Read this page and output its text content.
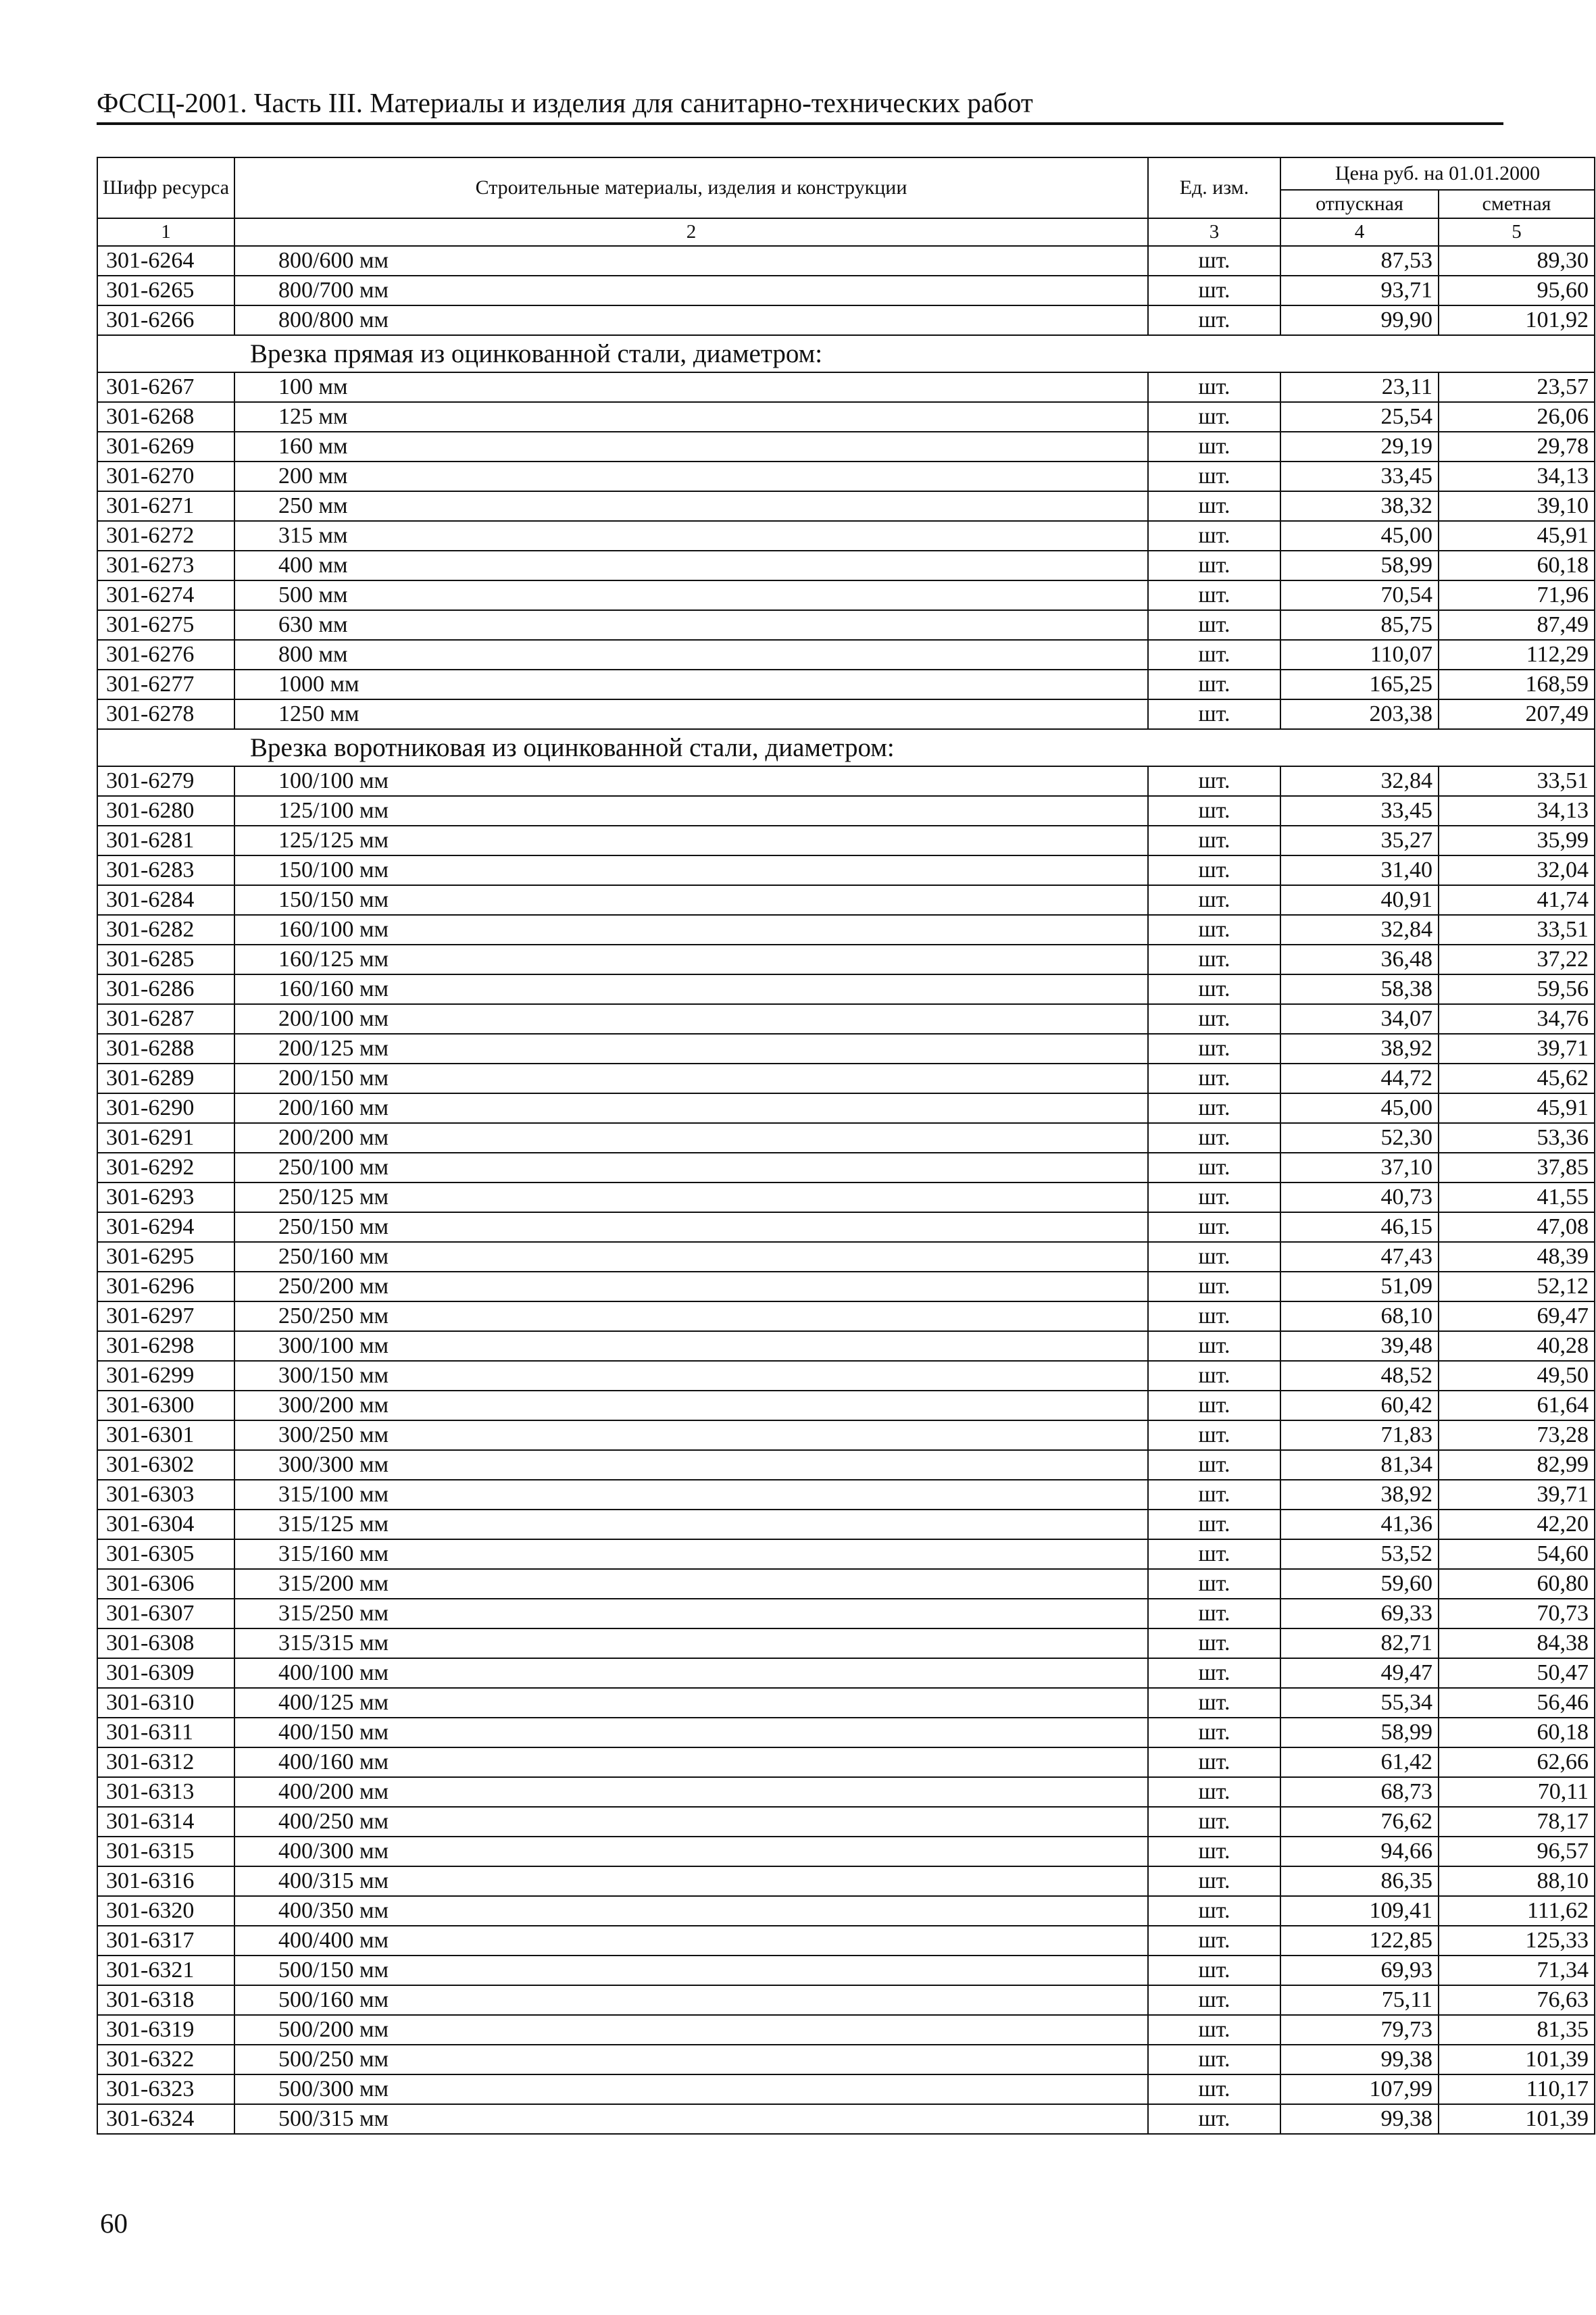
ФССЦ-2001. Часть III. Материалы и изделия для санитарно-технических работ
Шифр ресурса	Строительные материалы, изделия и конструкции	Ед. изм.	Цена руб. на 01.01.2000	
			отпускная	сметная
1	2	3	4	5
301-6264	800/600 мм	шт.	87,53	89,30
301-6265	800/700 мм	шт.	93,71	95,60
301-6266	800/800 мм	шт.	99,90	101,92
Врезка прямая из оцинкованной стали, диаметром:				
301-6267	100 мм	шт.	23,11	23,57
301-6268	125 мм	шт.	25,54	26,06
301-6269	160 мм	шт.	29,19	29,78
301-6270	200 мм	шт.	33,45	34,13
301-6271	250 мм	шт.	38,32	39,10
301-6272	315 мм	шт.	45,00	45,91
301-6273	400 мм	шт.	58,99	60,18
301-6274	500 мм	шт.	70,54	71,96
301-6275	630 мм	шт.	85,75	87,49
301-6276	800 мм	шт.	110,07	112,29
301-6277	1000 мм	шт.	165,25	168,59
301-6278	1250 мм	шт.	203,38	207,49
Врезка воротниковая из оцинкованной стали, диаметром:				
301-6279	100/100 мм	шт.	32,84	33,51
301-6280	125/100 мм	шт.	33,45	34,13
301-6281	125/125 мм	шт.	35,27	35,99
301-6283	150/100 мм	шт.	31,40	32,04
301-6284	150/150 мм	шт.	40,91	41,74
301-6282	160/100 мм	шт.	32,84	33,51
301-6285	160/125 мм	шт.	36,48	37,22
301-6286	160/160 мм	шт.	58,38	59,56
301-6287	200/100 мм	шт.	34,07	34,76
301-6288	200/125 мм	шт.	38,92	39,71
301-6289	200/150 мм	шт.	44,72	45,62
301-6290	200/160 мм	шт.	45,00	45,91
301-6291	200/200 мм	шт.	52,30	53,36
301-6292	250/100 мм	шт.	37,10	37,85
301-6293	250/125 мм	шт.	40,73	41,55
301-6294	250/150 мм	шт.	46,15	47,08
301-6295	250/160 мм	шт.	47,43	48,39
301-6296	250/200 мм	шт.	51,09	52,12
301-6297	250/250 мм	шт.	68,10	69,47
301-6298	300/100 мм	шт.	39,48	40,28
301-6299	300/150 мм	шт.	48,52	49,50
301-6300	300/200 мм	шт.	60,42	61,64
301-6301	300/250 мм	шт.	71,83	73,28
301-6302	300/300 мм	шт.	81,34	82,99
301-6303	315/100 мм	шт.	38,92	39,71
301-6304	315/125 мм	шт.	41,36	42,20
301-6305	315/160 мм	шт.	53,52	54,60
301-6306	315/200 мм	шт.	59,60	60,80
301-6307	315/250 мм	шт.	69,33	70,73
301-6308	315/315 мм	шт.	82,71	84,38
301-6309	400/100 мм	шт.	49,47	50,47
301-6310	400/125 мм	шт.	55,34	56,46
301-6311	400/150 мм	шт.	58,99	60,18
301-6312	400/160 мм	шт.	61,42	62,66
301-6313	400/200 мм	шт.	68,73	70,11
301-6314	400/250 мм	шт.	76,62	78,17
301-6315	400/300 мм	шт.	94,66	96,57
301-6316	400/315 мм	шт.	86,35	88,10
301-6320	400/350 мм	шт.	109,41	111,62
301-6317	400/400 мм	шт.	122,85	125,33
301-6321	500/150 мм	шт.	69,93	71,34
301-6318	500/160 мм	шт.	75,11	76,63
301-6319	500/200 мм	шт.	79,73	81,35
301-6322	500/250 мм	шт.	99,38	101,39
301-6323	500/300 мм	шт.	107,99	110,17
301-6324	500/315 мм	шт.	99,38	101,39
60
